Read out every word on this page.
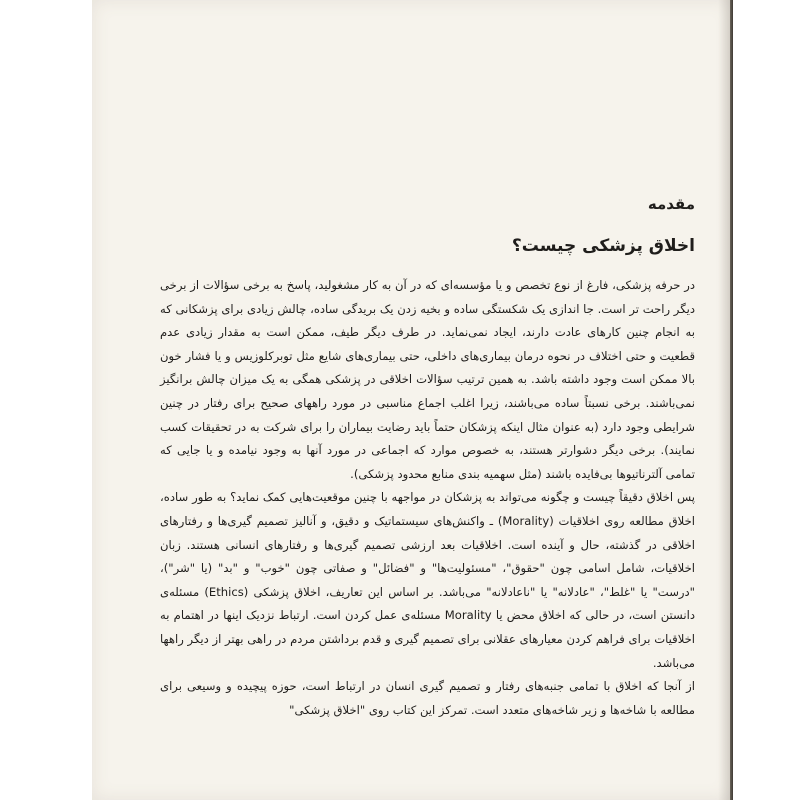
مقدمه
اخلاق پزشکی چیست؟

در حرفه پزشکی، فارغ از نوع تخصص و یا مؤسسه‌ای که در آن به کار مشغولید، پاسخ به برخی سؤالات از برخی دیگر راحت تر است. جا اندازی یک شکستگی ساده و بخیه زدن یک بریدگی ساده، چالش زیادی برای پزشکانی که به انجام چنین کارهای عادت دارند، ایجاد نمی‌نماید. در طرف دیگر طیف، ممکن است به مقدار زیادی عدم قطعیت و حتی اختلاف در نحوه درمان بیماری‌های داخلی، حتی بیماری‌های شایع مثل توبرکلوزیس و یا فشار خون بالا ممکن است وجود داشته باشد. به همین ترتیب سؤالات اخلاقی در پزشکی همگی به یک میزان چالش برانگیز نمی‌باشند. برخی نسبتاً ساده می‌باشند، زیرا اغلب اجماع مناسبی در مورد راههای صحیح برای رفتار در چنین شرایطی وجود دارد (به عنوان مثال اینکه پزشکان حتماً باید رضایت بیماران را برای شرکت به در تحقیقات کسب نمایند). برخی دیگر دشوارتر هستند، به خصوص موارد که اجماعی در مورد آنها به وجود نیامده و یا جایی که تمامی آلترناتیوها بی‌فایده باشند (مثل سهمیه بندی منابع محدود پزشکی).

پس اخلاق دقیقاً چیست و چگونه می‌تواند به پزشکان در مواجهه با چنین موقعیت‌هایی کمک نماید؟ به طور ساده، اخلاق مطالعه روی اخلاقیات (Morality) ـ واکنش‌های سیستماتیک و دقیق، و آنالیز تصمیم گیری‌ها و رفتارهای اخلاقی در گذشته، حال و آینده است. اخلاقیات بعد ارزشی تصمیم گیری‌ها و رفتارهای انسانی هستند. زبان اخلاقیات، شامل اسامی چون "حقوق"، "مسئولیت‌ها" و "فضائل" و صفاتی چون "خوب" و "بد" (یا "شر")، "درست" یا "غلط"، "عادلانه" یا "ناعادلانه" می‌باشد. بر اساس این تعاریف، اخلاق پزشکی (Ethics) مسئله‌ی دانستن است، در حالی که اخلاق محض یا Morality مسئله‌ی عمل کردن است. ارتباط نزدیک اینها در اهتمام به اخلاقیات برای فراهم کردن معیارهای عقلانی برای تصمیم گیری و قدم برداشتن مردم در راهی بهتر از دیگر راهها می‌باشد.

از آنجا که اخلاق با تمامی جنبه‌های رفتار و تصمیم گیری انسان در ارتباط است، حوزه پیچیده و وسیعی برای مطالعه با شاخه‌ها و زیر شاخه‌های متعدد است. تمرکز این کتاب روی "اخلاق پزشکی"
